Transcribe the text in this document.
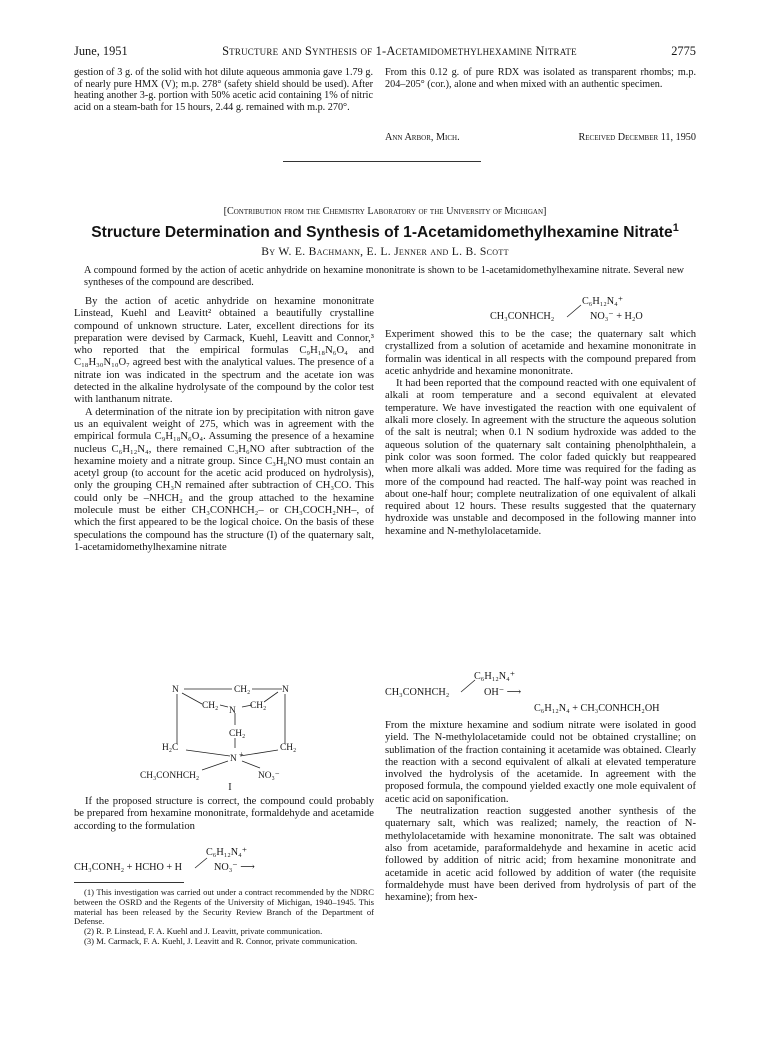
June, 1951	Structure and Synthesis of 1-Acetamidomethylhexamine Nitrate	2775

gestion of 3 g. of the solid with hot dilute aqueous ammonia gave 1.79 g. of nearly pure HMX (V); m.p. 278° (safety shield should be used). After heating another 3-g. portion with 50% acetic acid containing 1% of nitric acid on a steam-bath for 15 hours, 2.44 g. remained with m.p. 270°.

From this 0.12 g. of pure RDX was isolated as transparent rhombs; m.p. 204–205° (cor.), alone and when mixed with an authentic specimen.

Ann Arbor, Mich.	Received December 11, 1950
[Contribution from the Chemistry Laboratory of the University of Michigan]
Structure Determination and Synthesis of 1-Acetamidomethylhexamine Nitrate$^1$
By W. E. Bachmann, E. L. Jenner and L. B. Scott
A compound formed by the action of acetic anhydride on hexamine mononitrate is shown to be 1-acetamidomethylhexamine nitrate. Several new syntheses of the compound are described.

By the action of acetic anhydride on hexamine mononitrate Linstead, Kuehl and Leavitt² obtained a beautifully crystalline compound of unknown structure. Later, excellent directions for its preparation were devised by Carmack, Kuehl, Leavitt and Connor,³ who reported that the empirical formulas C₉H₁₈N₆O₄ and C₁₈H₃₀N₁₀O₇ agreed best with the analytical values. The presence of a nitrate ion was indicated in the spectrum and the acetate ion was detected in the alkaline hydrolysate of the compound by the color test with lanthanum nitrate.

A determination of the nitrate ion by precipitation with nitron gave us an equivalent weight of 275, which was in agreement with the empirical formula C₉H₁₈N₆O₄. Assuming the presence of a hexamine nucleus C₆H₁₂N₄, there remained C₃H₆NO after subtraction of the hexamine moiety and a nitrate group. Since C₃H₆NO must contain an acetyl group (to account for the acetic acid produced on hydrolysis), only the grouping CH₃N remained after subtraction of CH₃CO. This could only be –NHCH₂ and the group attached to the hexamine molecule must be either CH₃CONHCH₂– or CH₃COCH₂NH–, of which the first appeared to be the logical choice. On the basis of these speculations the compound has the structure (I) of the quaternary salt, 1-acetamidomethylhexamine nitrate

N	CH₂	N
CH₂ N CH₂
CH₂
H₂C	CH₂
N +
CH₃CONHCH₂	NO₃⁻
I

If the proposed structure is correct, the compound could probably be prepared from hexamine mononitrate, formaldehyde and acetamide according to the formulation

C₆H₁₂N₄⁺
CH₃CONH₂ + HCHO + H	NO₃⁻ ⟶

(1) This investigation was carried out under a contract recommended by the NDRC between the OSRD and the Regents of the University of Michigan, 1940–1945. This material has been released by the Security Review Branch of the Department of Defense.

(2) R. P. Linstead, F. A. Kuehl and J. Leavitt, private communication.

(3) M. Carmack, F. A. Kuehl, J. Leavitt and R. Connor, private communication.

C₆H₁₂N₄⁺
CH₃CONHCH₂	NO₃⁻ + H₂O

Experiment showed this to be the case; the quaternary salt which crystallized from a solution of acetamide and hexamine mononitrate in formalin was identical in all respects with the compound prepared from acetic anhydride and hexamine mononitrate.

It had been reported that the compound reacted with one equivalent of alkali at room temperature and a second equivalent at elevated temperature. We have investigated the reaction with one equivalent of alkali more closely. In agreement with the structure the aqueous solution of the salt is neutral; when 0.1 N sodium hydroxide was added to the aqueous solution of the quaternary salt containing phenolphthalein, a pink color was soon formed. The color faded quickly but reappeared when more alkali was added. More time was required for the fading as more of the compound had reacted. The half-way point was reached in about one-half hour; complete neutralization of one equivalent of alkali required about 12 hours. These results suggested that the quaternary hydroxide was unstable and decomposed in the following manner into hexamine and N-methylolacetamide.

C₆H₁₂N₄⁺
CH₃CONHCH₂	OH⁻ ⟶
C₆H₁₂N₄ + CH₃CONHCH₂OH

From the mixture hexamine and sodium nitrate were isolated in good yield. The N-methylolacetamide could not be obtained crystalline; on sublimation of the fraction containing it acetamide was obtained. Clearly the reaction with a second equivalent of alkali at elevated temperature involved the hydrolysis of the acetamide. In agreement with the proposed formula, the compound yielded exactly one mole equivalent of acetic acid on saponification.

The neutralization reaction suggested another synthesis of the quaternary salt, which was realized; namely, the reaction of N-methylolacetamide with hexamine mononitrate. The salt was obtained also from acetamide, paraformaldehyde and hexamine in acetic acid followed by addition of nitric acid; from hexamine mononitrate and acetamide in acetic acid followed by addition of water (the requisite formaldehyde must have been derived from hydrolysis of part of the hexamine); from hex-
